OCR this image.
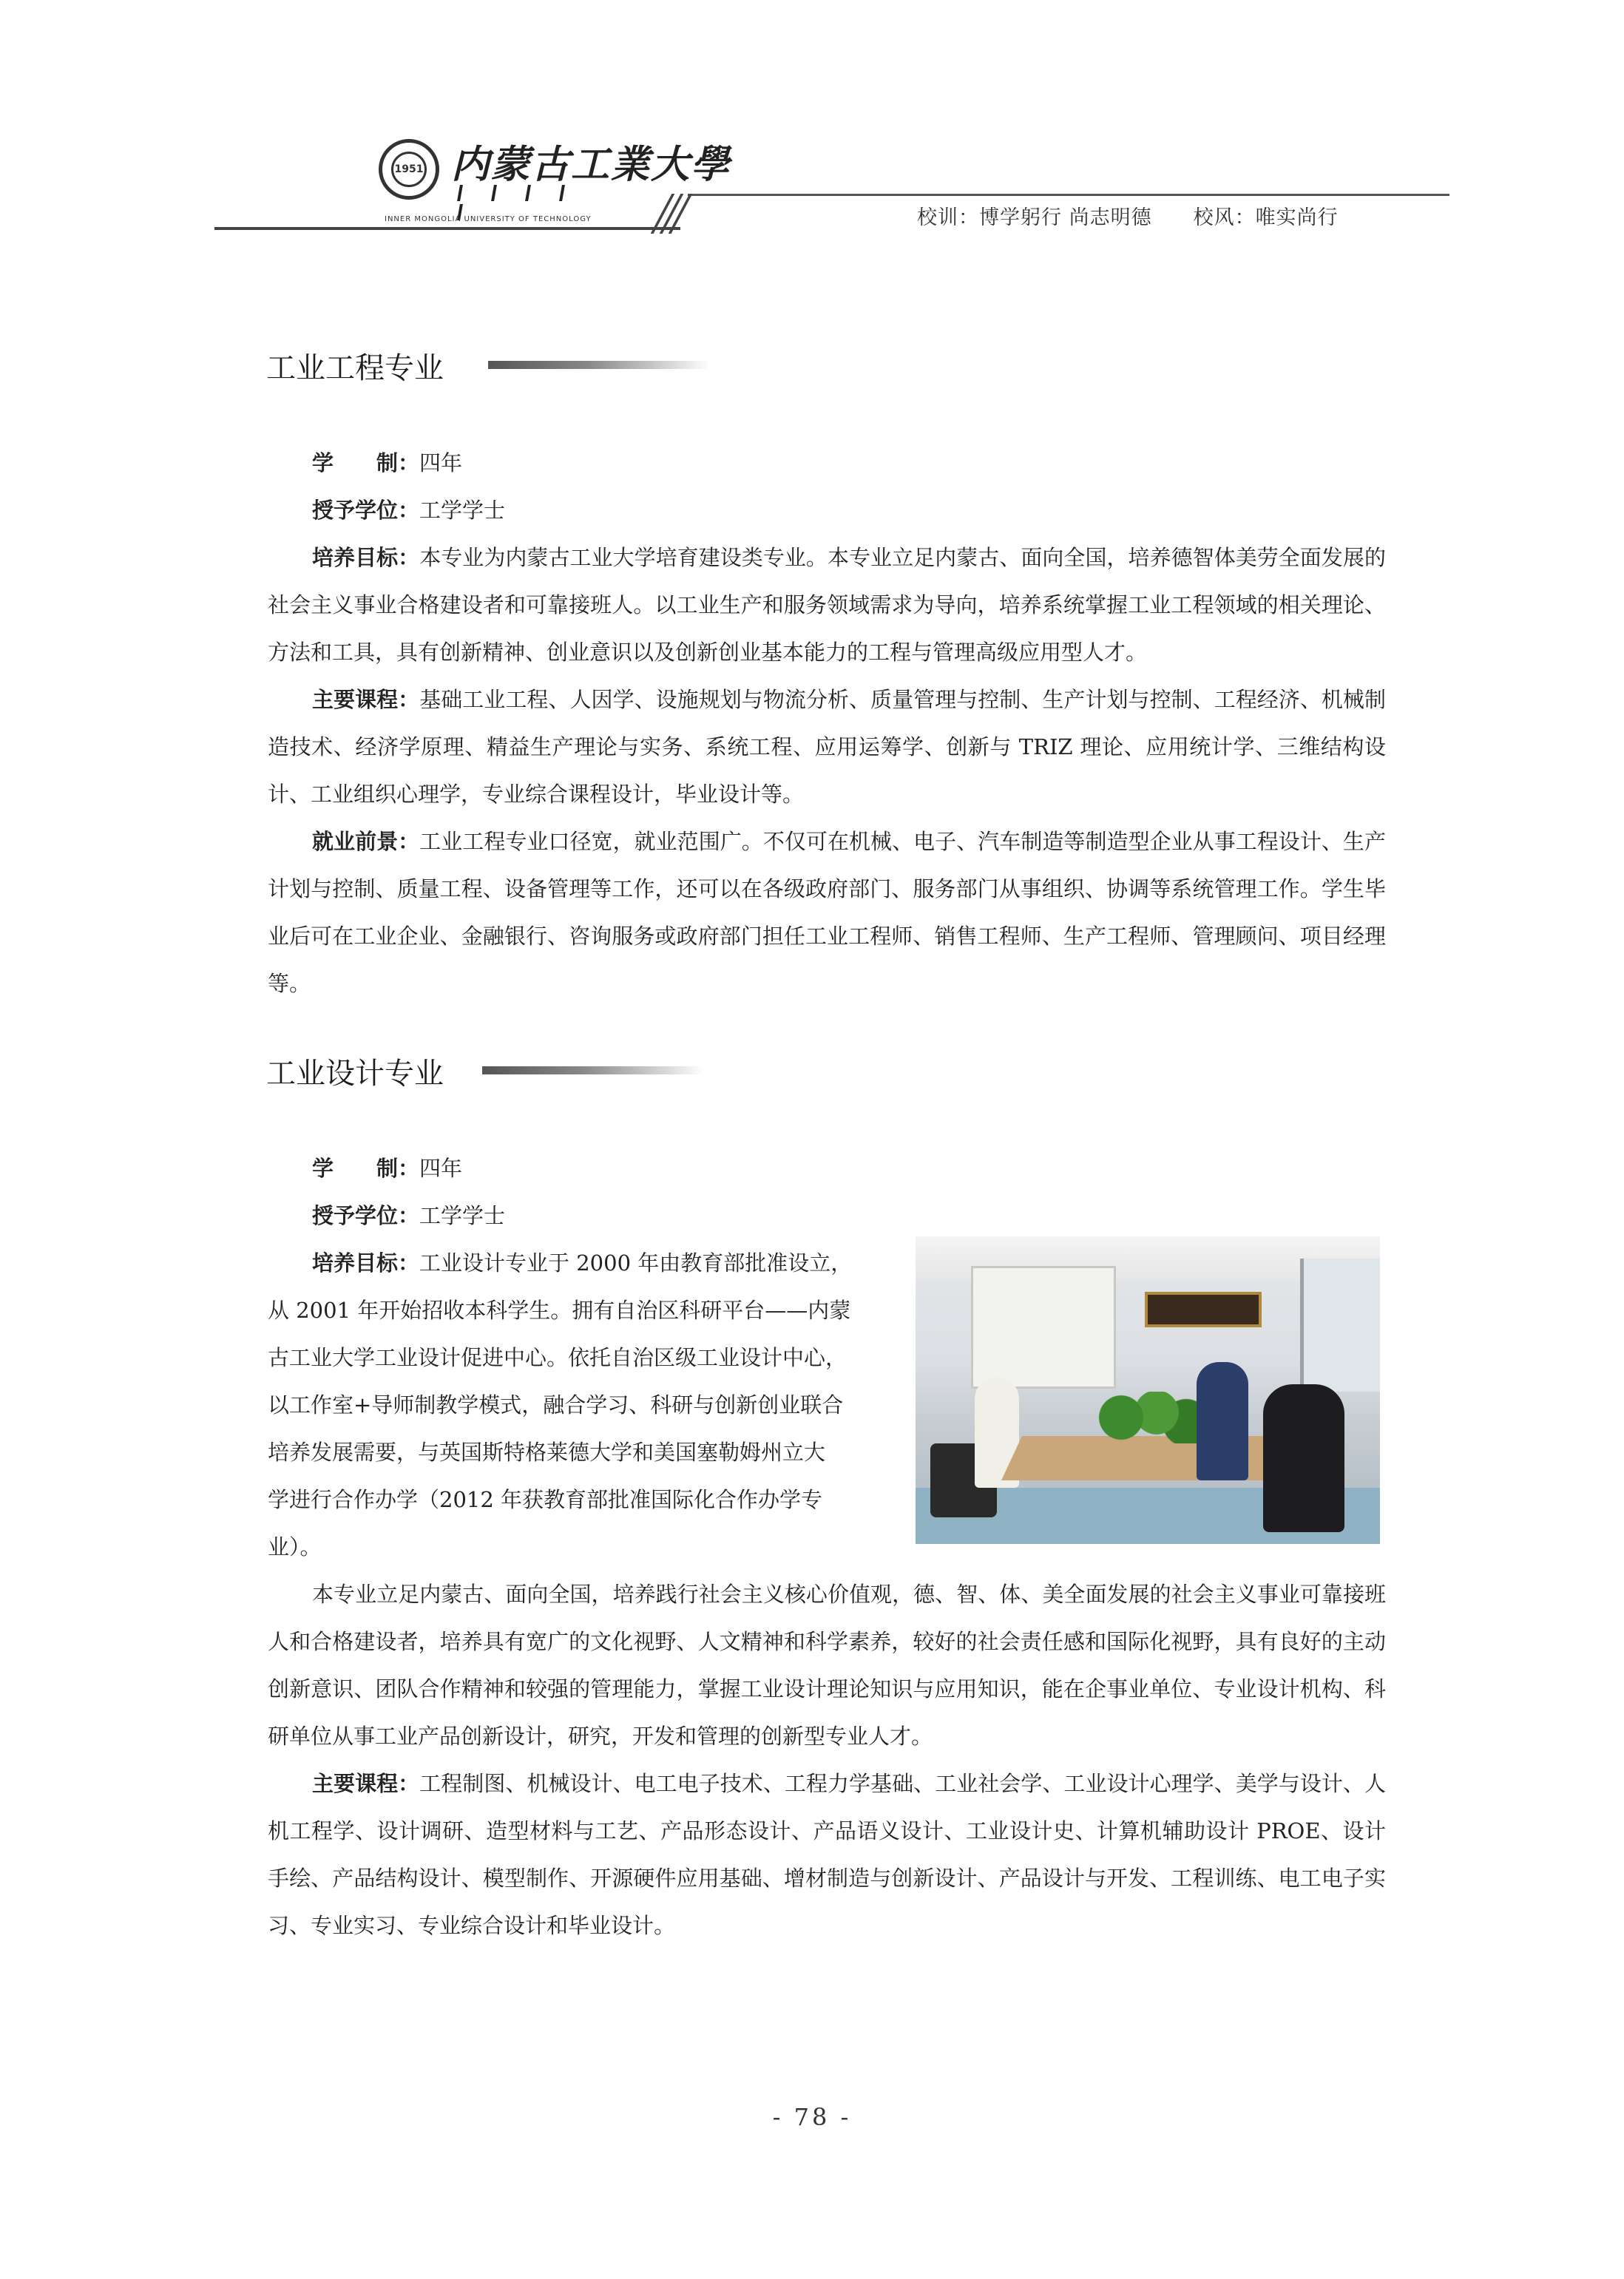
1951 内蒙古工業大學
INNER MONGOLIA UNIVERSITY OF TECHNOLOGY	校训：博学躬行 尚志明德　　校风：唯实尚行
工业工程专业
学　　制：四年
授予学位：工学学士
培养目标：本专业为内蒙古工业大学培育建设类专业。本专业立足内蒙古、面向全国，培养德智体美劳全面发展的社会主义事业合格建设者和可靠接班人。以工业生产和服务领域需求为导向，培养系统掌握工业工程领域的相关理论、方法和工具，具有创新精神、创业意识以及创新创业基本能力的工程与管理高级应用型人才。
主要课程：基础工业工程、人因学、设施规划与物流分析、质量管理与控制、生产计划与控制、工程经济、机械制造技术、经济学原理、精益生产理论与实务、系统工程、应用运筹学、创新与 TRIZ 理论、应用统计学、三维结构设计、工业组织心理学，专业综合课程设计，毕业设计等。
就业前景：工业工程专业口径宽，就业范围广。不仅可在机械、电子、汽车制造等制造型企业从事工程设计、生产计划与控制、质量工程、设备管理等工作，还可以在各级政府部门、服务部门从事组织、协调等系统管理工作。学生毕业后可在工业企业、金融银行、咨询服务或政府部门担任工业工程师、销售工程师、生产工程师、管理顾问、项目经理等。
工业设计专业
学　　制：四年
授予学位：工学学士
培养目标：工业设计专业于 2000 年由教育部批准设立，
从 2001 年开始招收本科学生。拥有自治区科研平台——内蒙
古工业大学工业设计促进中心。依托自治区级工业设计中心，
以工作室+导师制教学模式，融合学习、科研与创新创业联合
培养发展需要，与英国斯特格莱德大学和美国塞勒姆州立大
学进行合作办学（2012 年获教育部批准国际化合作办学专
业）。
本专业立足内蒙古、面向全国，培养践行社会主义核心价值观，德、智、体、美全面发展的社会主义事业可靠接班人和合格建设者，培养具有宽广的文化视野、人文精神和科学素养，较好的社会责任感和国际化视野，具有良好的主动创新意识、团队合作精神和较强的管理能力，掌握工业设计理论知识与应用知识，能在企事业单位、专业设计机构、科研单位从事工业产品创新设计，研究，开发和管理的创新型专业人才。
主要课程：工程制图、机械设计、电工电子技术、工程力学基础、工业社会学、工业设计心理学、美学与设计、人机工程学、设计调研、造型材料与工艺、产品形态设计、产品语义设计、工业设计史、计算机辅助设计 PROE、设计手绘、产品结构设计、模型制作、开源硬件应用基础、增材制造与创新设计、产品设计与开发、工程训练、电工电子实习、专业实习、专业综合设计和毕业设计。
- 78 -
